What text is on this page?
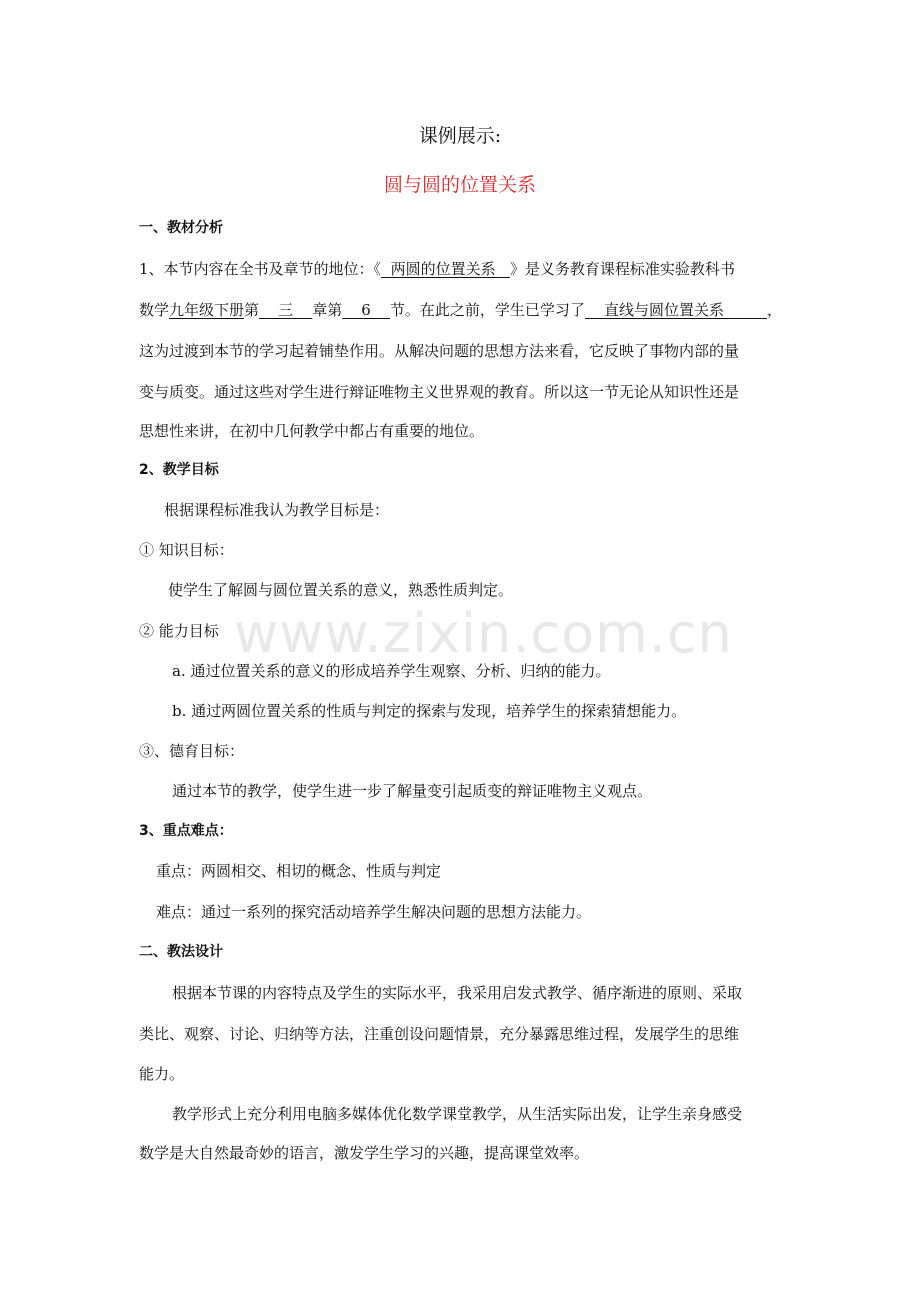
www.zixin.com.cn
课例展示:
圆与圆的位置关系
一、教材分析
1、本节内容在全书及章节的地位：《  两圆的位置关系   》是义务教育课程标准实验教科书
数学九年级下册第    三    章第    6    节。在此之前，学生已学习了    直线与圆位置关系         ，
这为过渡到本节的学习起着铺垫作用。从解决问题的思想方法来看，它反映了事物内部的量
变与质变。通过这些对学生进行辩证唯物主义世界观的教育。所以这一节无论从知识性还是
思想性来讲，在初中几何教学中都占有重要的地位。
2、教学目标
根据课程标准我认为教学目标是：
① 知识目标：
使学生了解圆与圆位置关系的意义，熟悉性质判定。
② 能力目标
a. 通过位置关系的意义的形成培养学生观察、分析、归纳的能力。
b. 通过两圆位置关系的性质与判定的探索与发现，培养学生的探索猜想能力。
③、德育目标：
通过本节的教学，使学生进一步了解量变引起质变的辩证唯物主义观点。
3、重点难点：
重点：两圆相交、相切的概念、性质与判定
难点：通过一系列的探究活动培养学生解决问题的思想方法能力。
二、教法设计
根据本节课的内容特点及学生的实际水平，我采用启发式教学、循序渐进的原则、采取
类比、观察、讨论、归纳等方法，注重创设问题情景，充分暴露思维过程，发展学生的思维
能力。
教学形式上充分利用电脑多媒体优化数学课堂教学，从生活实际出发，让学生亲身感受
数学是大自然最奇妙的语言，激发学生学习的兴趣，提高课堂效率。
